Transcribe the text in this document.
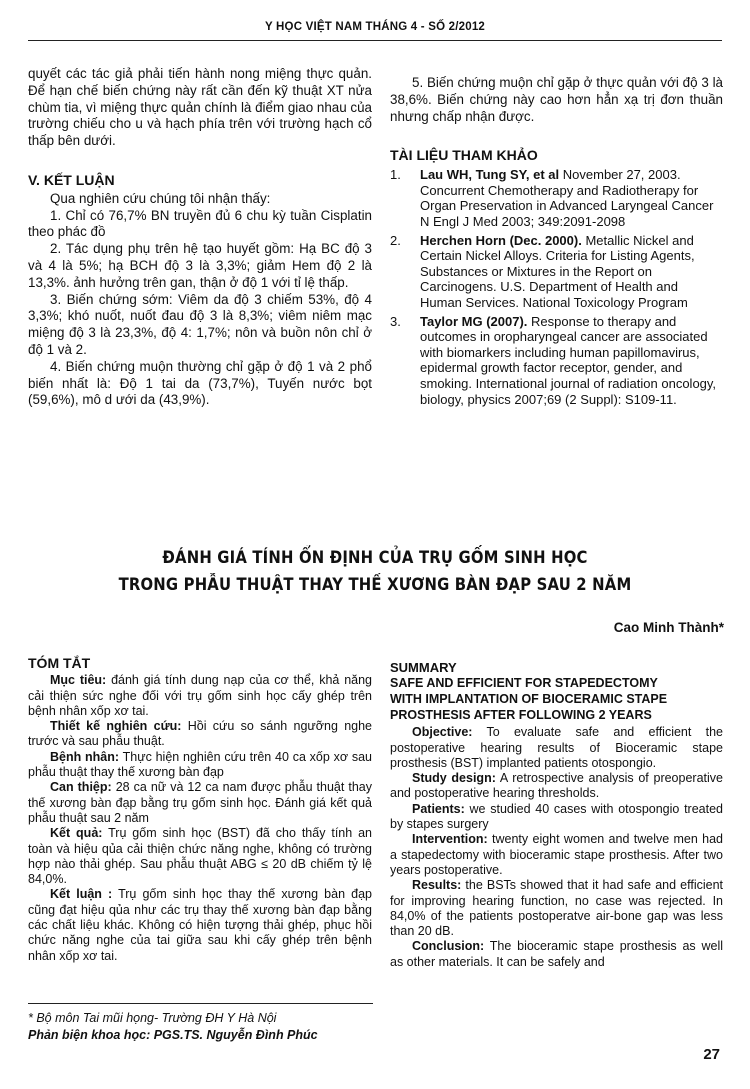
Y HỌC VIỆT NAM THÁNG 4 - SỐ 2/2012

quyết các tác giả phải tiến hành nong miệng thực quản. Để hạn chế biến chứng này rất cần đến kỹ thuật XT nửa chùm tia, vì miệng thực quản chính là điểm giao nhau của trường chiếu cho u và hạch phía trên với trường hạch cổ thấp bên dưới.

V. KẾT LUẬN

Qua nghiên cứu chúng tôi nhận thấy:

1. Chỉ có 76,7% BN truyền đủ 6 chu kỳ tuần Cisplatin theo phác đồ

2. Tác dụng phụ trên hệ tạo huyết gồm: Hạ BC độ 3 và 4 là 5%; hạ BCH độ 3 là 3,3%; giảm Hem độ 2 là 13,3%. ảnh hưởng trên gan, thận ở độ 1 với tỉ lệ thấp.

3. Biến chứng sớm: Viêm da độ 3 chiếm 53%, độ 4 3,3%; khó nuốt, nuốt đau độ 3 là 8,3%; viêm niêm mạc miệng độ 3 là 23,3%, độ 4: 1,7%; nôn và buồn nôn chỉ ở độ 1 và 2.

4. Biến chứng muộn thường chỉ gặp ở độ 1 và 2 phổ biến nhất là: Độ 1 tai da (73,7%), Tuyến nước bọt (59,6%), mô d ưới da (43,9%).

5. Biến chứng muộn chỉ gặp ở thực quản với độ 3 là 38,6%. Biến chứng này cao hơn hẳn xạ trị đơn thuần nhưng chấp nhận được.

TÀI LIỆU THAM KHẢO

1. Lau WH, Tung SY, et al November 27, 2003. Concurrent Chemotherapy and Radiotherapy for Organ Preservation in Advanced Laryngeal Cancer N Engl J Med 2003; 349:2091-2098
2. Herchen Horn (Dec. 2000). Metallic Nickel and Certain Nickel Alloys. Criteria for Listing Agents, Substances or Mixtures in the Report on Carcinogens. U.S. Department of Health and Human Services. National Toxicology Program
3. Taylor MG (2007). Response to therapy and outcomes in oropharyngeal cancer are associated with biomarkers including human papillomavirus, epidermal growth factor receptor, gender, and smoking. International journal of radiation oncology, biology, physics 2007;69 (2 Suppl): S109-11.
ĐÁNH GIÁ TÍNH ỔN ĐỊNH CỦA TRỤ GỐM SINH HỌC
TRONG PHẪU THUẬT THAY THẾ XƯƠNG BÀN ĐẠP SAU 2 NĂM
Cao Minh Thành*

TÓM TẮT

Mục tiêu: đánh giá tính dung nạp của cơ thể, khả năng cải thiện sức nghe đối với trụ gốm sinh học cấy ghép trên bệnh nhân xốp xơ tai.

Thiết kế nghiên cứu: Hồi cứu so sánh ngưỡng nghe trước và sau phẫu thuật.

Bệnh nhân: Thực hiện nghiên cứu trên 40 ca xốp xơ sau phẫu thuật thay thế xương bàn đạp

Can thiệp: 28 ca nữ và 12 ca nam được phẫu thuật thay thế xương bàn đạp bằng trụ gốm sinh học. Đánh giá kết quả phẫu thuật sau 2 năm

Kết quả: Trụ gốm sinh học (BST) đã cho thấy tính an toàn và hiệu qủa cải thiện chức năng nghe, không có trường hợp nào thải ghép. Sau phẫu thuật ABG ≤ 20 dB chiếm tỷ lệ 84,0%.

Kết luận : Trụ gốm sinh học thay thế xương bàn đạp cũng đạt hiệu qủa như các trụ thay thế xương bàn đạp bằng các chất liệu khác. Không có hiện tượng thải ghép, phục hồi chức năng nghe của tai giữa sau khi cấy ghép trên bệnh nhân xốp xơ tai.

SUMMARY

SAFE AND EFFICIENT FOR STAPEDECTOMY

WITH IMPLANTATION OF BIOCERAMIC STAPE

PROSTHESIS AFTER FOLLOWING 2 YEARS

Objective: To evaluate safe and efficient the postoperative hearing results of Bioceramic stape prosthesis (BST) implanted patients otospongio.

Study design: A retrospective analysis of preoperative and postoperative hearing thresholds.

Patients: we studied 40 cases with otospongio treated by stapes surgery

Intervention: twenty eight women and twelve men had a stapedectomy with bioceramic stape prosthesis. After two years postoperative.

Results: the BSTs showed that it had safe and efficient for improving hearing function, no case was rejected. In 84,0% of the patients postoperatve air-bone gap was less than 20 dB.

Conclusion: The bioceramic stape prosthesis as well as other materials. It can be safely and

* Bộ môn Tai mũi họng- Trường ĐH Y Hà Nội
Phản biện khoa học: PGS.TS. Nguyễn Đình Phúc
27
